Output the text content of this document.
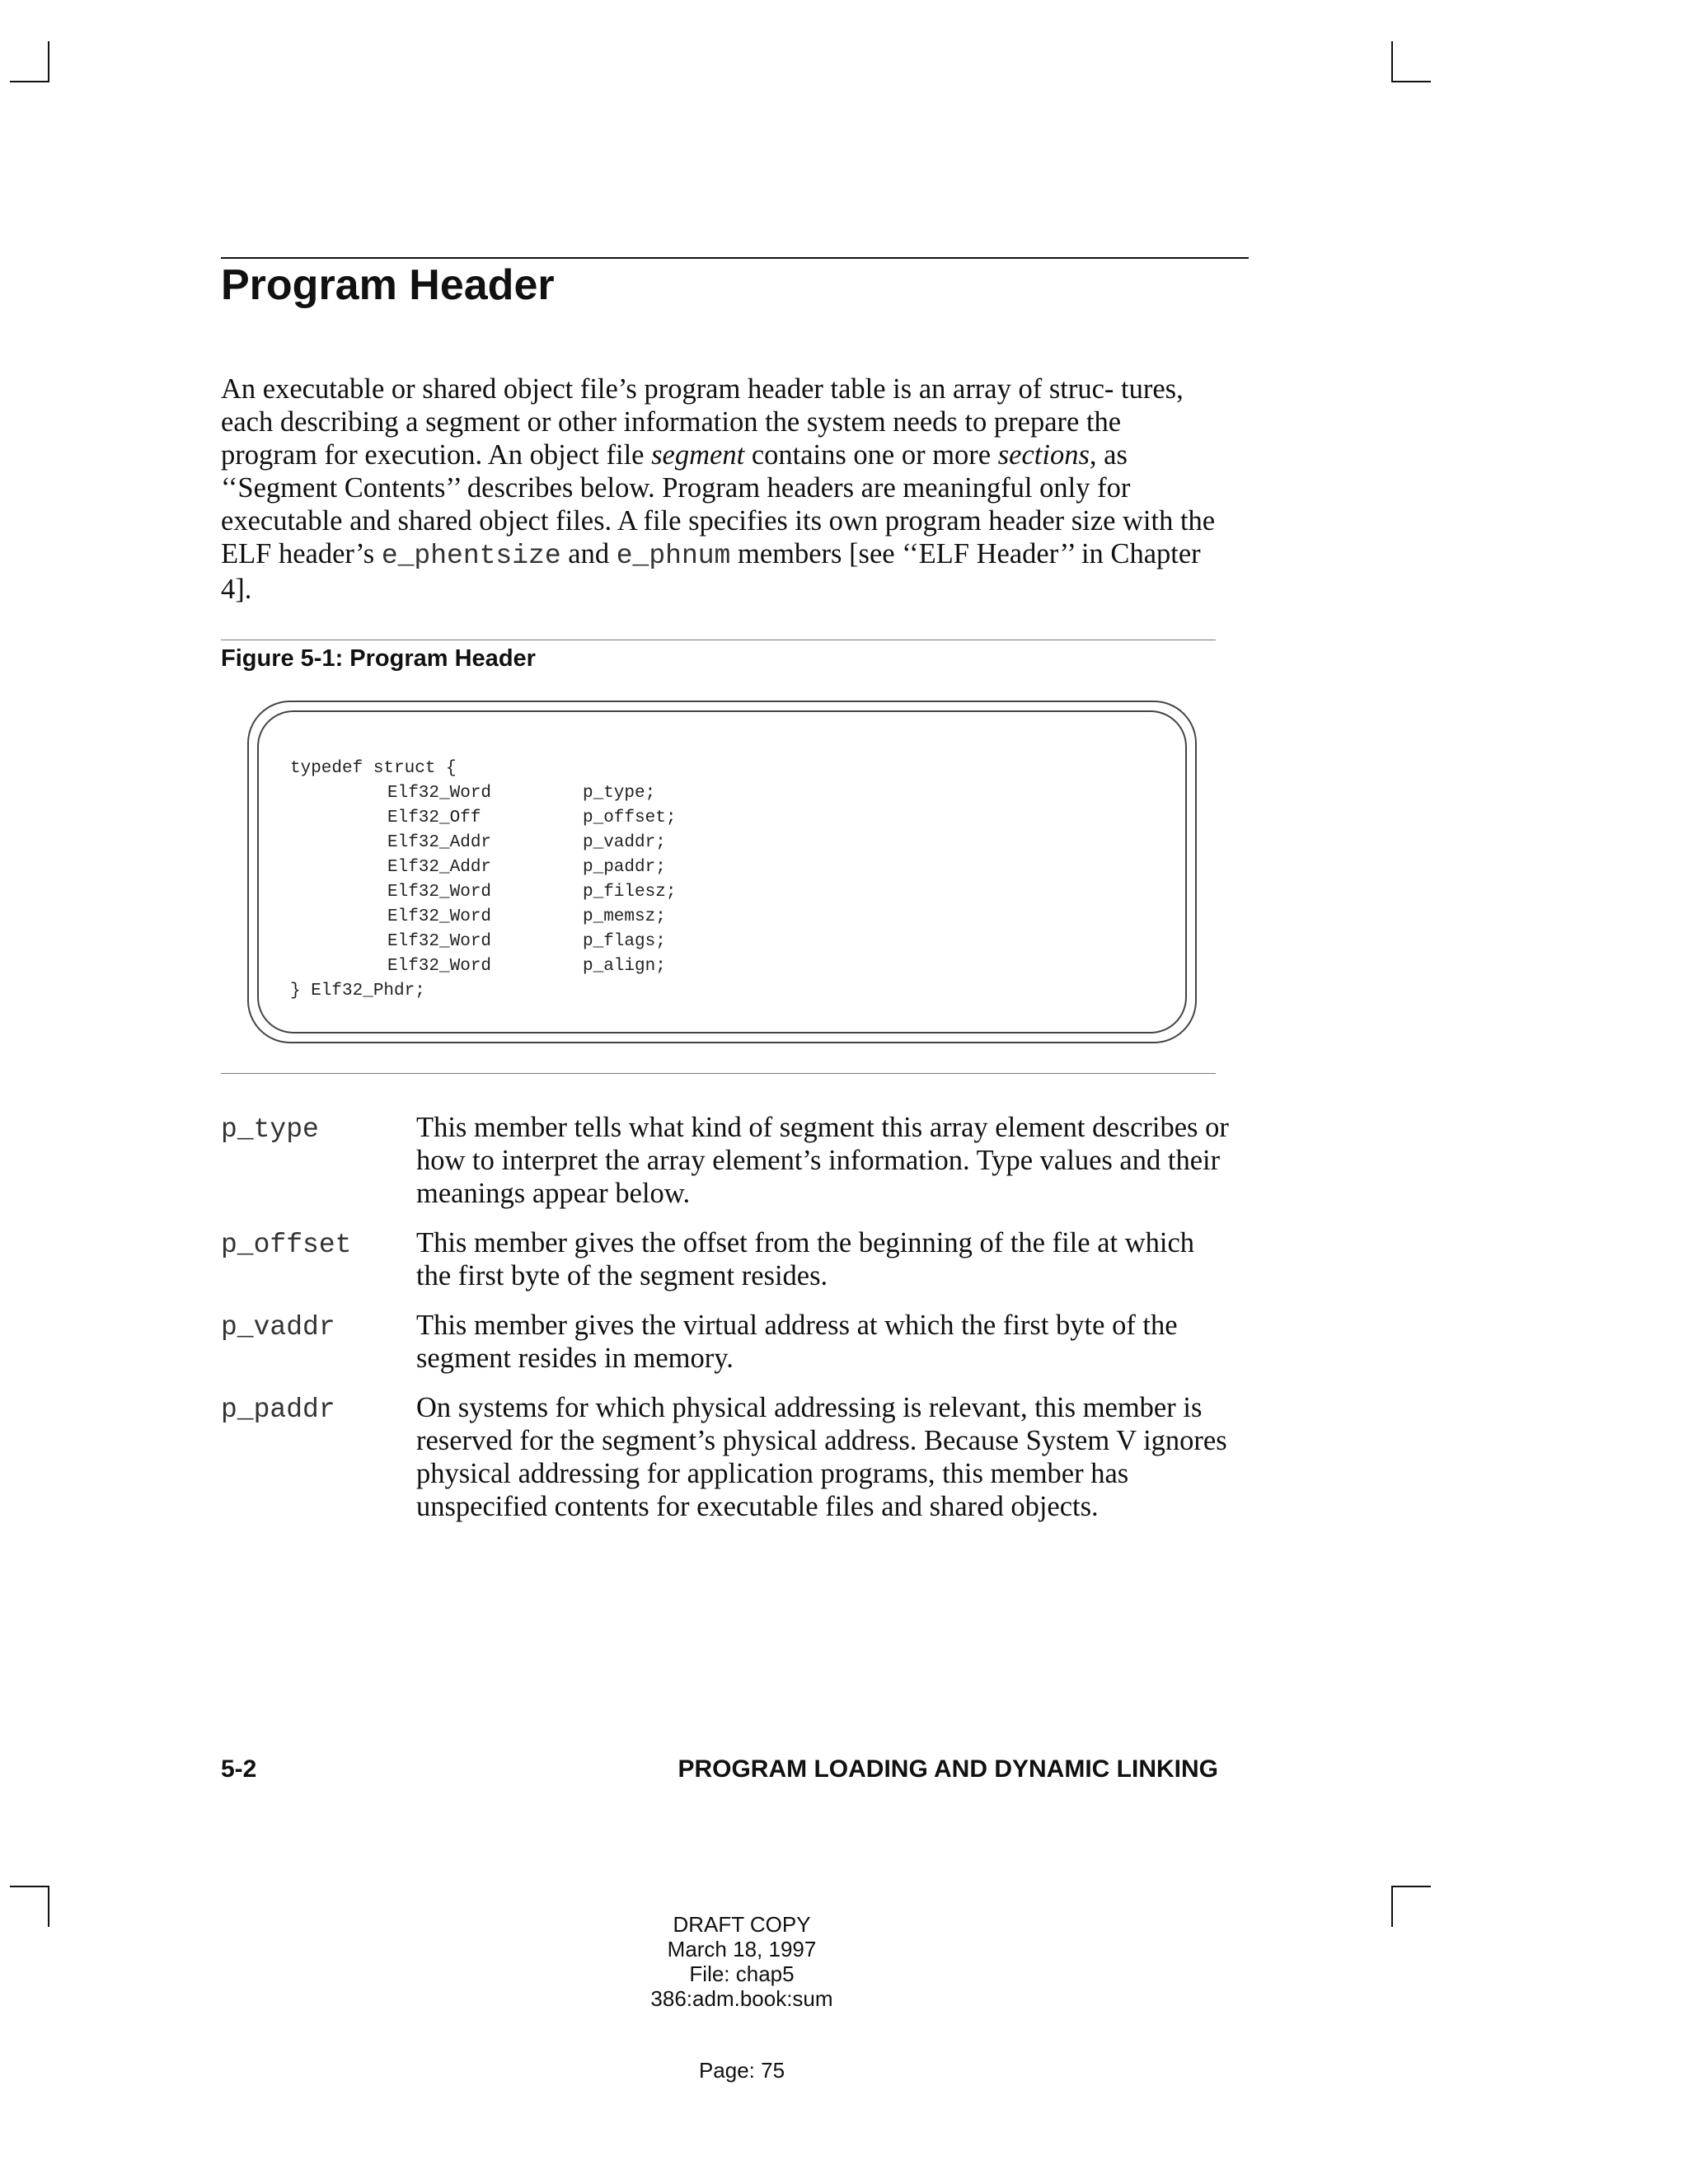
Program Header

An executable or shared object file’s program header table is an array of struc- tures, each describing a segment or other information the system needs to prepare the program for execution. An object file segment contains one or more sections, as ‘‘Segment Contents’’ describes below. Program headers are meaningful only for executable and shared object files. A file specifies its own program header size with the ELF header’s e_phentsize and e_phnum members [see ‘‘ELF Header’’ in Chapter 4].

Figure 5-1: Program Header
typedef struct {
Elf32_Word	p_type;
Elf32_Off	p_offset;
Elf32_Addr	p_vaddr;
Elf32_Addr	p_paddr;
Elf32_Word	p_filesz;
Elf32_Word	p_memsz;
Elf32_Word	p_flags;
Elf32_Word	p_align;
} Elf32_Phdr;
p_type	This member tells what kind of segment this array element describes or how to interpret the array element’s information. Type values and their meanings appear below.
p_offset This member gives the offset from the beginning of the file at which the first byte of the segment resides.
p_vaddr	This member gives the virtual address at which the first byte of the segment resides in memory.
p_paddr	On systems for which physical addressing is relevant, this member is reserved for the segment’s physical address. Because System V ignores physical addressing for application programs, this member has unspecified contents for executable files and shared objects.
5-2	PROGRAM LOADING AND DYNAMIC LINKING
DRAFT COPY
March 18, 1997
File: chap5
386:adm.book:sum
Page: 75
